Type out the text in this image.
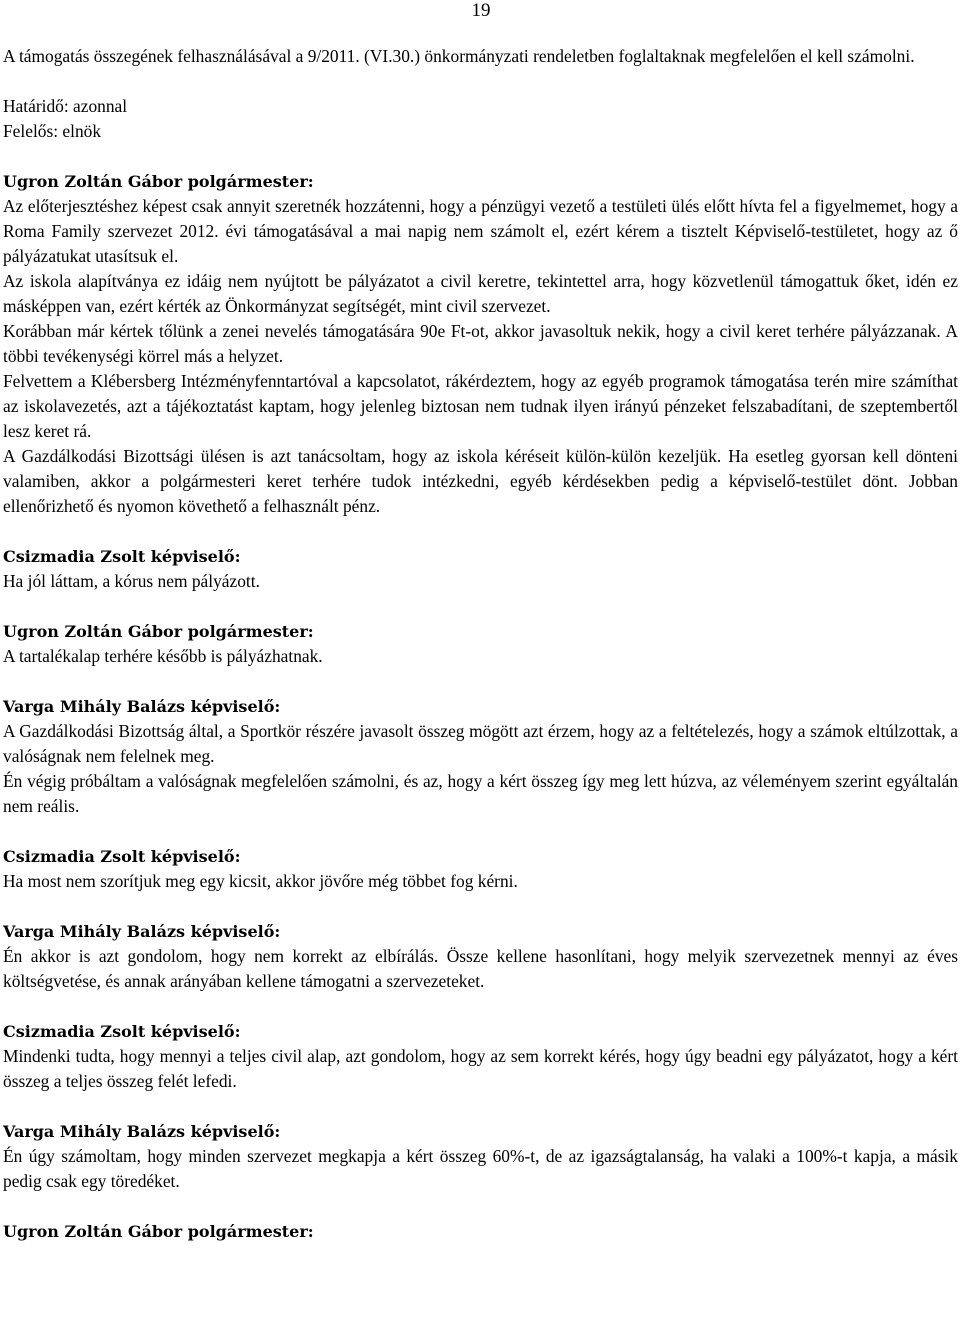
19

A támogatás összegének felhasználásával a 9/2011. (VI.30.) önkormányzati rendeletben foglaltaknak megfelelően el kell számolni.

Határidő: azonnal

Felelős: elnök

Ugron Zoltán Gábor polgármester:

Az előterjesztéshez képest csak annyit szeretnék hozzátenni, hogy a pénzügyi vezető a testületi ülés előtt hívta fel a figyelmemet, hogy a Roma Family szervezet 2012. évi támogatásával a mai napig nem számolt el, ezért kérem a tisztelt Képviselő-testületet, hogy az ő pályázatukat utasítsuk el.

Az iskola alapítványa ez idáig nem nyújtott be pályázatot a civil keretre, tekintettel arra, hogy közvetlenül támogattuk őket, idén ez másképpen van, ezért kérték az Önkormányzat segítségét, mint civil szervezet.

Korábban már kértek tőlünk a zenei nevelés támogatására 90e Ft-ot, akkor javasoltuk nekik, hogy a civil keret terhére pályázzanak. A többi tevékenységi körrel más a helyzet.

Felvettem a Klébersberg Intézményfenntartóval a kapcsolatot, rákérdeztem, hogy az egyéb programok támogatása terén mire számíthat az iskolavezetés, azt a tájékoztatást kaptam, hogy jelenleg biztosan nem tudnak ilyen irányú pénzeket felszabadítani, de szeptembertől lesz keret rá.

A Gazdálkodási Bizottsági ülésen is azt tanácsoltam, hogy az iskola kéréseit külön-külön kezeljük. Ha esetleg gyorsan kell dönteni valamiben, akkor a polgármesteri keret terhére tudok intézkedni, egyéb kérdésekben pedig a képviselő-testület dönt. Jobban ellenőrizhető és nyomon követhető a felhasznált pénz.

Csizmadia Zsolt képviselő:

Ha jól láttam, a kórus nem pályázott.

Ugron Zoltán Gábor polgármester:

A tartalékalap terhére később is pályázhatnak.

Varga Mihály Balázs képviselő:

A Gazdálkodási Bizottság által, a Sportkör részére javasolt összeg mögött azt érzem, hogy az a feltételezés, hogy a számok eltúlzottak, a valóságnak nem felelnek meg.

Én végig próbáltam a valóságnak megfelelően számolni, és az, hogy a kért összeg így meg lett húzva, az véleményem szerint egyáltalán nem reális.

Csizmadia Zsolt képviselő:

Ha most nem szorítjuk meg egy kicsit, akkor jövőre még többet fog kérni.

Varga Mihály Balázs képviselő:

Én akkor is azt gondolom, hogy nem korrekt az elbírálás. Össze kellene hasonlítani, hogy melyik szervezetnek mennyi az éves költségvetése, és annak arányában kellene támogatni a szervezeteket.

Csizmadia Zsolt képviselő:

Mindenki tudta, hogy mennyi a teljes civil alap, azt gondolom, hogy az sem korrekt kérés, hogy úgy beadni egy pályázatot, hogy a kért összeg a teljes összeg felét lefedi.

Varga Mihály Balázs képviselő:

Én úgy számoltam, hogy minden szervezet megkapja a kért összeg 60%-t, de az igazságtalanság, ha valaki a 100%-t kapja, a másik pedig csak egy töredéket.

Ugron Zoltán Gábor polgármester:
